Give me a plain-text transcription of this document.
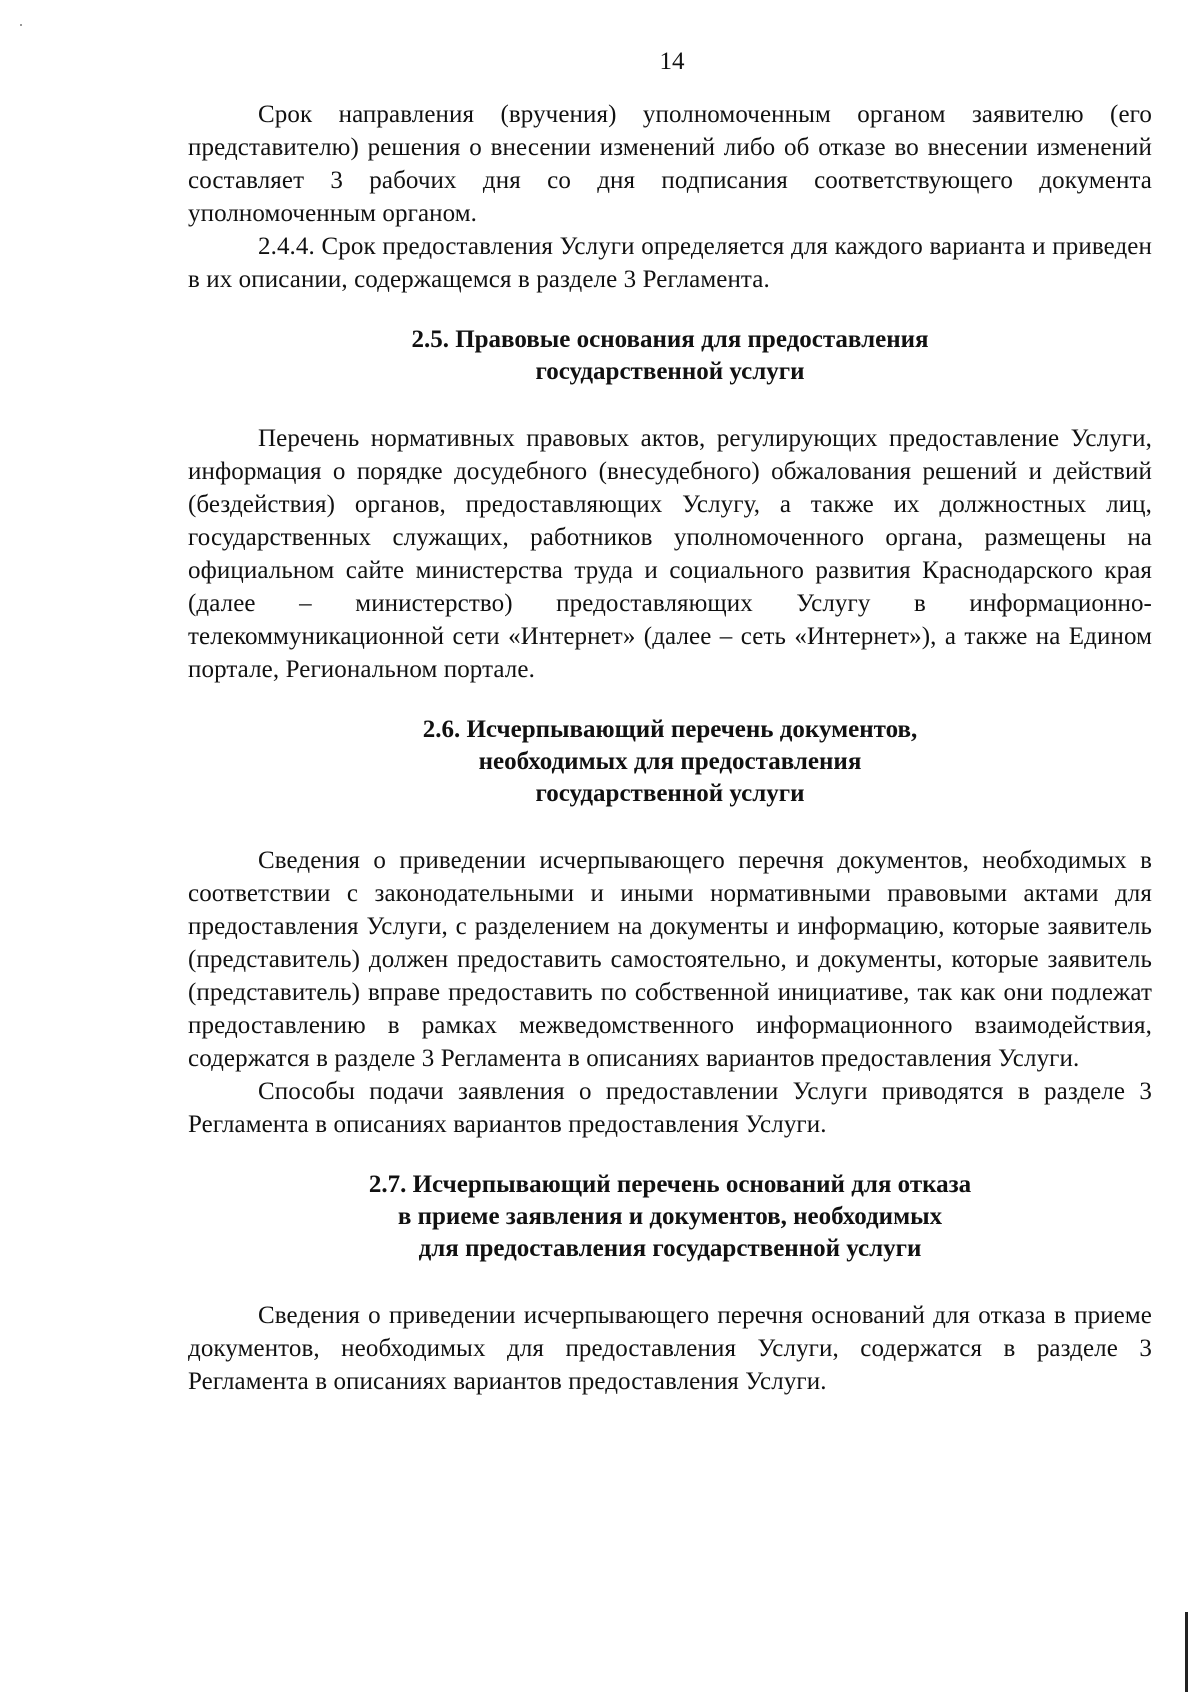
14

Срок направления (вручения) уполномоченным органом заявителю (его представителю) решения о внесении изменений либо об отказе во внесении изменений составляет 3 рабочих дня со дня подписания соответствующего документа уполномоченным органом.

2.4.4. Срок предоставления Услуги определяется для каждого варианта и приведен в их описании, содержащемся в разделе 3 Регламента.

2.5. Правовые основания для предоставления
государственной услуги

Перечень нормативных правовых актов, регулирующих предоставление Услуги, информация о порядке досудебного (внесудебного) обжалования решений и действий (бездействия) органов, предоставляющих Услугу, а также их должностных лиц, государственных служащих, работников уполномоченного органа, размещены на официальном сайте министерства труда и социального развития Краснодарского края (далее – министерство) предоставляющих Услугу в информационно-телекоммуникационной сети «Интернет» (далее – сеть «Интернет»), а также на Едином портале, Региональном портале.

2.6. Исчерпывающий перечень документов,
необходимых для предоставления
государственной услуги

Сведения о приведении исчерпывающего перечня документов, необходимых в соответствии с законодательными и иными нормативными правовыми актами для предоставления Услуги, с разделением на документы и информацию, которые заявитель (представитель) должен предоставить самостоятельно, и документы, которые заявитель (представитель) вправе предоставить по собственной инициативе, так как они подлежат предоставлению в рамках межведомственного информационного взаимодействия, содержатся в разделе 3 Регламента в описаниях вариантов предоставления Услуги.

Способы подачи заявления о предоставлении Услуги приводятся в разделе 3 Регламента в описаниях вариантов предоставления Услуги.

2.7. Исчерпывающий перечень оснований для отказа
в приеме заявления и документов, необходимых
для предоставления государственной услуги

Сведения о приведении исчерпывающего перечня оснований для отказа в приеме документов, необходимых для предоставления Услуги, содержатся в разделе 3 Регламента в описаниях вариантов предоставления Услуги.
